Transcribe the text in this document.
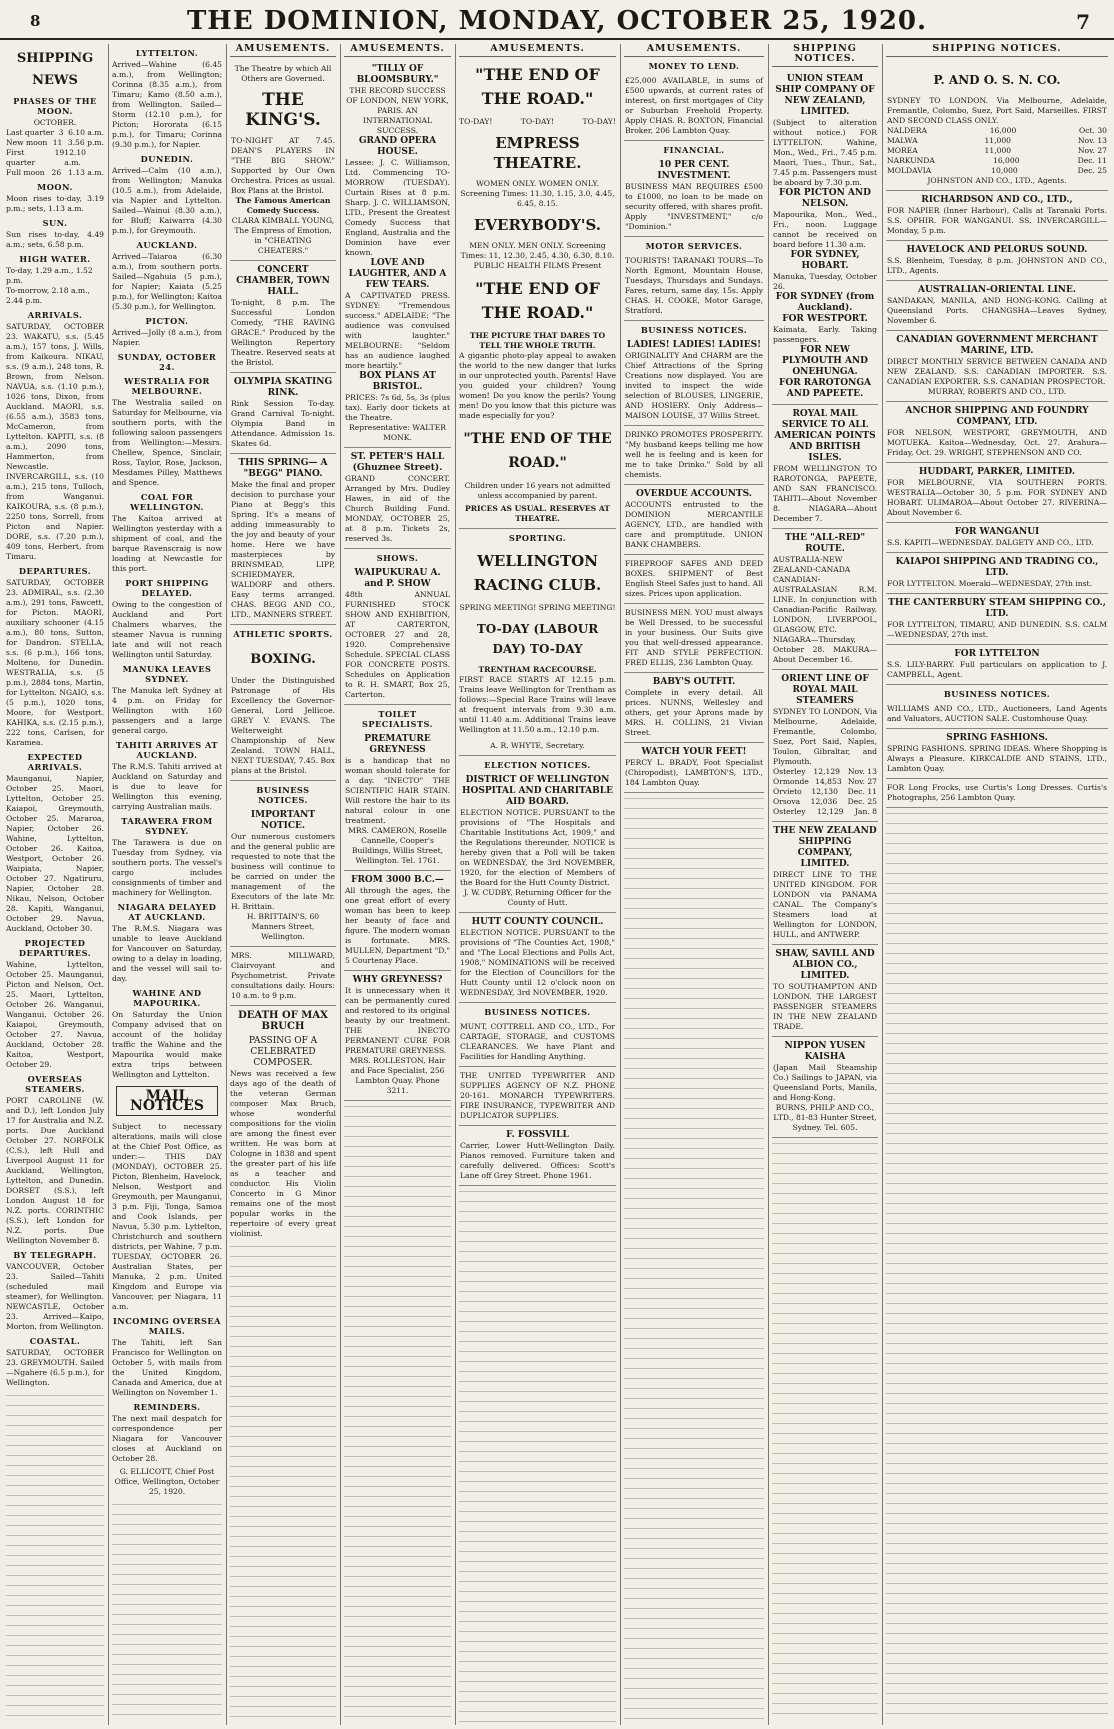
8	THE DOMINION, MONDAY, OCTOBER 25, 1920.	7
SHIPPING NEWS
PHASES OF THE MOON.
OCTOBER.
Last quarter 3 6.10 a.m.
New moon 11 3.56 p.m.
First quarter
19 12.10 a.m.
Full moon 26 1.13 a.m.
MOON.
Moon rises to-day, 3.19 p.m.; sets, 1.13 a.m.
SUN.
Sun rises to-day, 4.49 a.m.; sets, 6.58 p.m.
HIGH WATER.
To-day, 1.29 a.m., 1.52 p.m.
To-morrow, 2.18 a.m., 2.44 p.m.
ARRIVALS.
SATURDAY, OCTOBER 23. WAKATU, s.s. (5.45 a.m.), 157 tons, J. Wills, from Kaikoura. NIKAU, s.s. (9 a.m.), 248 tons, R. Brown, from Nelson. NAVUA, s.s. (1.10 p.m.), 1026 tons, Dixon, from Auckland. MAORI, s.s. (6.55 a.m.), 3583 tons, McCameron, from Lyttelton. KAPITI, s.s. (8 a.m.), 2090 tons, Hammerton, from Newcastle. INVERCARGILL, s.s. (10 a.m.), 215 tons, Tulloch, from Wanganui. KAIKOURA, s.s. (8 p.m.), 2250 tons, Sorrell, from Picton and Napier. DORE, s.s. (7.20 p.m.), 409 tons, Herbert, from Timaru.
DEPARTURES.
SATURDAY, OCTOBER 23. ADMIRAL, s.s. (2.30 a.m.), 291 tons, Fawcett, for Picton. MAORI, auxiliary schooner (4.15 a.m.), 80 tons, Sutton, for Dandron. STELLA, s.s. (6 p.m.), 166 tons, Molteno, for Dunedin. WESTRALIA, s.s. (5 p.m.), 2884 tons, Martin, for Lyttelton. NGAIO, s.s. (5 p.m.), 1020 tons, Moore, for Westport. KAHIKA, s.s. (2.15 p.m.), 222 tons, Carlsen, for Karamea.
EXPECTED ARRIVALS.
Maunganui, Napier, October 25. Maori, Lyttelton, October 25. Kaiapoi, Greymouth, October 25. Mararoa, Napier, October 26. Wahine, Lyttelton, October 26. Kaitoa, Westport, October 26. Waipiata, Napier, October 27. Ngatiruru, Napier, October 28. Nikau, Nelson, October 28. Kapiti, Wanganui, October 29. Navua, Auckland, October 30.
PROJECTED DEPARTURES.
Wahine, Lyttelton, October 25. Maunganui, Picton and Nelson, Oct. 25. Maori, Lyttelton, October 26. Wanganui, Wanganui, October 26. Kaiapoi, Greymouth, October 27. Navua, Auckland, October 28. Kaitoa, Westport, October 29.
OVERSEAS STEAMERS.
PORT CAROLINE (W. and D.), left London July 17 for Australia and N.Z. ports. Due Auckland October 27. NORFOLK (C.S.), left Hull and Liverpool August 11 for Auckland, Wellington, Lyttelton, and Dunedin. DORSET (S.S.), left London August 18 for N.Z. ports. CORINTHIC (S.S.), left London for N.Z. ports. Due Wellington November 8.
BY TELEGRAPH.
VANCOUVER, October 23. Sailed—Tahiti (scheduled mail steamer), for Wellington. NEWCASTLE, October 23. Arrived—Kaipo, Morton, from Wellington.
COASTAL.
SATURDAY, OCTOBER 23. GREYMOUTH. Sailed—Ngahere (6.5 p.m.), for Wellington.
LYTTELTON.
Arrived—Wahine (6.45 a.m.), from Wellington; Corinna (8.35 a.m.), from Timaru; Kamo (8.50 a.m.), from Wellington. Sailed—Storm (12.10 p.m.), for Picton; Hororata (6.15 p.m.), for Timaru; Corinna (9.30 p.m.), for Napier.
DUNEDIN.
Arrived—Calm (10 a.m.), from Wellington; Manuka (10.5 a.m.), from Adelaide, via Napier and Lyttelton. Sailed—Wainui (8.30 a.m.), for Bluff; Kaiwarra (4.30 p.m.), for Greymouth.
AUCKLAND.
Arrived—Taiaroa (6.30 a.m.), from southern ports. Sailed—Ngahuia (5 p.m.), for Napier; Kaiata (5.25 p.m.), for Wellington; Kaitoa (5.30 p.m.), for Wellington.
PICTON.
Arrived—Jolly (8 a.m.), from Napier.
SUNDAY, OCTOBER 24.
WESTRALIA FOR MELBOURNE.
The Westralia sailed on Saturday for Melbourne, via southern ports, with the following saloon passengers from Wellington:—Messrs. Chellew, Spence, Sinclair, Ross, Taylor, Rose, Jackson, Mesdames Pilley, Matthews and Spence.
COAL FOR WELLINGTON.
The Kaitoa arrived at Wellington yesterday with a shipment of coal, and the barque Ravenscraig is now loading at Newcastle for this port.
PORT SHIPPING DELAYED.
Owing to the congestion of Auckland and Port Chalmers wharves, the steamer Navua is running late and will not reach Wellington until Saturday.
MANUKA LEAVES SYDNEY.
The Manuka left Sydney at 4 p.m. on Friday for Wellington with 160 passengers and a large general cargo.
TAHITI ARRIVES AT AUCKLAND.
The R.M.S. Tahiti arrived at Auckland on Saturday and is due to leave for Wellington this evening, carrying Australian mails.
TARAWERA FROM SYDNEY.
The Tarawera is due on Tuesday from Sydney, via southern ports. The vessel's cargo includes consignments of timber and machinery for Wellington.
NIAGARA DELAYED AT AUCKLAND.
The R.M.S. Niagara was unable to leave Auckland for Vancouver on Saturday, owing to a delay in loading, and the vessel will sail to-day.
WAHINE AND MAPOURIKA.
On Saturday the Union Company advised that on account of the holiday traffic the Wahine and the Mapourika would make extra trips between Wellington and Lyttelton.
MAIL NOTICES
Subject to necessary alterations, mails will close at the Chief Post Office, as under:— THIS DAY (MONDAY), OCTOBER 25. Picton, Blenheim, Havelock, Nelson, Westport and Greymouth, per Maunganui, 3 p.m. Fiji, Tonga, Samoa and Cook Islands, per Navua, 5.30 p.m. Lyttelton, Christchurch and southern districts, per Wahine, 7 p.m. TUESDAY, OCTOBER 26. Australian States, per Manuka, 2 p.m. United Kingdom and Europe via Vancouver, per Niagara, 11 a.m.
INCOMING OVERSEA MAILS.
The Tahiti, left San Francisco for Wellington on October 5, with mails from the United Kingdom, Canada and America, due at Wellington on November 1.
REMINDERS.
The next mail despatch for correspondence per Niagara for Vancouver closes at Auckland on October 28.
G. ELLICOTT, Chief Post Office, Wellington, October 25, 1920.
AMUSEMENTS.
The Theatre by which All Others are Governed.
THE KING'S.
TO-NIGHT AT 7.45. DEAN'S PLAYERS IN "THE BIG SHOW." Supported by Our Own Orchestra. Prices as usual. Box Plans at the Bristol.
The Famous American Comedy Success.
CLARA KIMBALL YOUNG, The Empress of Emotion, in "CHEATING CHEATERS."
CONCERT CHAMBER, TOWN HALL.
To-night, 8 p.m. The Successful London Comedy, "THE RAVING GRACE." Produced by the Wellington Repertory Theatre. Reserved seats at the Bristol.
OLYMPIA SKATING RINK.
Rink Session To-day. Grand Carnival To-night. Olympia Band in Attendance. Admission 1s. Skates 6d.
THIS SPRING— A "BEGG" PIANO.
Make the final and proper decision to purchase your Piano at Begg's this Spring. It's a means of adding immeasurably to the joy and beauty of your home. Here we have masterpieces by BRINSMEAD, LIPP, SCHIEDMAYER, WALDORF and others. Easy terms arranged. CHAS. BEGG AND CO., LTD., MANNERS STREET.
ATHLETIC SPORTS.
BOXING.
Under the Distinguished Patronage of His Excellency the Governor-General, Lord Jellicoe. GREY V. EVANS. The Welterweight Championship of New Zealand. TOWN HALL, NEXT TUESDAY, 7.45. Box plans at the Bristol.
BUSINESS NOTICES.
IMPORTANT NOTICE.
Our numerous customers and the general public are requested to note that the business will continue to be carried on under the management of the Executors of the late Mr. H. Brittain.
H. BRITTAIN'S, 60 Manners Street, Wellington.
MRS. MILLWARD, Clairvoyant and Psychometrist. Private consultations daily. Hours: 10 a.m. to 9 p.m.
DEATH OF MAX BRUCH
PASSING OF A CELEBRATED COMPOSER.
News was received a few days ago of the death of the veteran German composer Max Bruch, whose wonderful compositions for the violin are among the finest ever written. He was born at Cologne in 1838 and spent the greater part of his life as a teacher and conductor. His Violin Concerto in G Minor remains one of the most popular works in the repertoire of every great violinist.
AMUSEMENTS.
"TILLY OF BLOOMSBURY."
THE RECORD SUCCESS OF LONDON, NEW YORK, PARIS. AN INTERNATIONAL SUCCESS.
GRAND OPERA HOUSE.
Lessee: J. C. Williamson, Ltd. Commencing TO-MORROW (TUESDAY). Curtain Rises at 8 p.m. Sharp. J. C. WILLIAMSON, LTD., Present the Greatest Comedy Success that England, Australia and the Dominion have ever known.
LOVE AND LAUGHTER, AND A FEW TEARS.
A CAPTIVATED PRESS. SYDNEY: "Tremendous success." ADELAIDE: "The audience was convulsed with laughter." MELBOURNE: "Seldom has an audience laughed more heartily."
BOX PLANS AT BRISTOL.
PRICES: 7s 6d, 5s, 3s (plus tax). Early door tickets at the Theatre.
Representative: WALTER MONK.
ST. PETER'S HALL (Ghuznee Street).
GRAND CONCERT. Arranged by Mrs. Dudley Hawes, in aid of the Church Building Fund. MONDAY, OCTOBER 25, at 8 p.m. Tickets 2s, reserved 3s.
SHOWS.
WAIPUKURAU A. and P. SHOW
48th ANNUAL FURNISHED STOCK SHOW AND EXHIBITION, AT CARTERTON, OCTOBER 27 and 28, 1920. Comprehensive Schedule. SPECIAL CLASS FOR CONCRETE POSTS. Schedules on Application to R. H. SMART, Box 25, Carterton.
TOILET SPECIALISTS.
PREMATURE GREYNESS
is a handicap that no woman should tolerate for a day. "INECTO" THE SCIENTIFIC HAIR STAIN. Will restore the hair to its natural colour in one treatment.
MRS. CAMERON, Roselle Cannelle, Cooper's Buildings, Willis Street, Wellington. Tel. 1761.
FROM 3000 B.C.—
All through the ages, the one great effort of every woman has been to keep her beauty of face and figure. The modern woman is fortunate. MRS. MULLEN, Department "D," 5 Courtenay Place.
WHY GREYNESS?
It is unnecessary when it can be permanently cured and restored to its original beauty by our treatment. THE INECTO PERMANENT CURE FOR PREMATURE GREYNESS.
MRS. ROLLESTON, Hair and Face Specialist, 256 Lambton Quay. Phone 3211.
AMUSEMENTS.
"THE END OF THE ROAD."
TO-DAY!	TO-DAY!	TO-DAY!
EMPRESS THEATRE.
WOMEN ONLY. WOMEN ONLY. Screening Times: 11.30, 1.15, 3.0, 4.45, 6.45, 8.15.
EVERYBODY'S.
MEN ONLY. MEN ONLY. Screening Times: 11, 12.30, 2.45, 4.30, 6.30, 8.10.
PUBLIC HEALTH FILMS Present
"THE END OF THE ROAD."
THE PICTURE THAT DARES TO TELL THE WHOLE TRUTH.
A gigantic photo-play appeal to awaken the world to the new danger that lurks in our unprotected youth. Parents! Have you guided your children? Young women! Do you know the perils? Young men! Do you know that this picture was made especially for you?
"THE END OF THE ROAD."
Children under 16 years not admitted unless accompanied by parent.
PRICES AS USUAL. RESERVES AT THEATRE.
SPORTING.
WELLINGTON RACING CLUB.
SPRING MEETING! SPRING MEETING!
TO-DAY (LABOUR DAY) TO-DAY
TRENTHAM RACECOURSE.
FIRST RACE STARTS AT 12.15 p.m. Trains leave Wellington for Trentham as follows:—Special Race Trains will leave at frequent intervals from 9.30 a.m. until 11.40 a.m. Additional Trains leave Wellington at 11.50 a.m., 12.10 p.m.
A. R. WHYTE, Secretary.
ELECTION NOTICES.
DISTRICT OF WELLINGTON HOSPITAL AND CHARITABLE AID BOARD.
ELECTION NOTICE. PURSUANT to the provisions of "The Hospitals and Charitable Institutions Act, 1909," and the Regulations thereunder, NOTICE is hereby given that a Poll will be taken on WEDNESDAY, the 3rd NOVEMBER, 1920, for the election of Members of the Board for the Hutt County District.
J. W. CUDBY, Returning Officer for the County of Hutt.
HUTT COUNTY COUNCIL.
ELECTION NOTICE. PURSUANT to the provisions of "The Counties Act, 1908," and "The Local Elections and Polls Act, 1908," NOMINATIONS will be received for the Election of Councillors for the Hutt County until 12 o'clock noon on WEDNESDAY, 3rd NOVEMBER, 1920.
BUSINESS NOTICES.
MUNT, COTTRELL AND CO., LTD., For CARTAGE, STORAGE, and CUSTOMS CLEARANCES. We have Plant and Facilities for Handling Anything.
THE UNITED TYPEWRITER AND SUPPLIES AGENCY OF N.Z. PHONE 20-161. MONARCH TYPEWRITERS. FIRE INSURANCE, TYPEWRITER AND DUPLICATOR SUPPLIES.
F. FOSSVILL
Carrier, Lower Hutt-Wellington Daily. Pianos removed. Furniture taken and carefully delivered. Offices: Scott's Lane off Grey Street. Phone 1961.
AMUSEMENTS.
MONEY TO LEND.
£25,000 AVAILABLE, in sums of £500 upwards, at current rates of interest, on first mortgages of City or Suburban Freehold Property. Apply CHAS. R. BOXTON, Financial Broker, 206 Lambton Quay.
FINANCIAL.
10 PER CENT. INVESTMENT.
BUSINESS MAN REQUIRES £500 to £1000, no loan to be made on security offered, with shares profit. Apply "INVESTMENT," c/o "Dominion."
MOTOR SERVICES.
TOURISTS! TARANAKI TOURS—To North Egmont, Mountain House, Tuesdays, Thursdays and Sundays. Fares, return, same day, 15s. Apply CHAS. H. COOKE, Motor Garage, Stratford.
BUSINESS NOTICES.
LADIES! LADIES! LADIES!
ORIGINALITY And CHARM are the Chief Attractions of the Spring Creations now displayed. You are invited to inspect the wide selection of BLOUSES, LINGERIE, AND HOSIERY. Only Address— MAISON LOUISE, 37 Willis Street.
DRINKO PROMOTES PROSPERITY. "My husband keeps telling me how well he is feeling and is keen for me to take Drinko." Sold by all chemists.
OVERDUE ACCOUNTS.
ACCOUNTS entrusted to the DOMINION MERCANTILE AGENCY, LTD., are handled with care and promptitude. UNION BANK CHAMBERS.
FIREPROOF SAFES AND DEED BOXES. SHIPMENT of Best English Steel Safes just to hand. All sizes. Prices upon application.
BUSINESS MEN. YOU must always be Well Dressed, to be successful in your business. Our Suits give you that well-dressed appearance. FIT AND STYLE PERFECTION. FRED ELLIS, 236 Lambton Quay.
BABY'S OUTFIT.
Complete in every detail. All prices. NUNNS, Wellesley and others, get your Aprons made by MRS. H. COLLINS, 21 Vivian Street.
WATCH YOUR FEET!
PERCY L. BRADY, Foot Specialist (Chiropodist), LAMBTON'S, LTD., 184 Lambton Quay.
SHIPPING NOTICES.
UNION STEAM SHIP COMPANY OF NEW ZEALAND, LIMITED.
(Subject to alteration without notice.) FOR LYTTELTON. Wahine, Mon., Wed., Fri., 7.45 p.m. Maori, Tues., Thur., Sat., 7.45 p.m. Passengers must be aboard by 7.30 p.m.
FOR PICTON AND NELSON.
Mapourika, Mon., Wed., Fri., noon. Luggage cannot be received on board before 11.30 a.m.
FOR SYDNEY, HOBART.
Manuka, Tuesday, October 26.
FOR SYDNEY (from Auckland).
FOR WESTPORT.
Kaimata, Early. Taking passengers.
FOR NEW PLYMOUTH AND ONEHUNGA.
FOR RAROTONGA AND PAPEETE.
ROYAL MAIL SERVICE TO ALL AMERICAN POINTS AND BRITISH ISLES.
FROM WELLINGTON TO RAROTONGA, PAPEETE, AND SAN FRANCISCO. TAHITI—About November 8. NIAGARA—About December 7.
THE "ALL-RED" ROUTE.
AUSTRALIA-NEW ZEALAND-CANADA CANADIAN-AUSTRALASIAN R.M. LINE. In conjunction with Canadian-Pacific Railway. LONDON, LIVERPOOL, GLASGOW, ETC.
NIAGARA—Thursday, October 28. MAKURA—About December 16.
ORIENT LINE OF ROYAL MAIL STEAMERS
SYDNEY TO LONDON, Via Melbourne, Adelaide, Fremantle, Colombo, Suez, Port Said, Naples, Toulon, Gibraltar, and Plymouth.
Osterley 12,129 Nov. 13
Ormonde 14,853 Nov. 27
Orvieto 12,130 Dec. 11
Orsova 12,036 Dec. 25
Osterley 12,129 Jan. 8
THE NEW ZEALAND SHIPPING COMPANY, LIMITED.
DIRECT LINE TO THE UNITED KINGDOM. FOR LONDON via PANAMA CANAL. The Company's Steamers load at Wellington for LONDON, HULL, and ANTWERP.
SHAW, SAVILL AND ALBION CO., LIMITED.
TO SOUTHAMPTON AND LONDON. THE LARGEST PASSENGER STEAMERS IN THE NEW ZEALAND TRADE.
NIPPON YUSEN KAISHA
(Japan Mail Steamship Co.) Sailings to JAPAN, via Queensland Ports, Manila, and Hong-Kong.
BURNS, PHILP AND CO., LTD., 81-83 Hunter Street, Sydney. Tel. 605.
SHIPPING NOTICES.
P. AND O. S. N. CO.
SYDNEY TO LONDON. Via Melbourne, Adelaide, Fremantle, Colombo, Suez, Port Said, Marseilles. FIRST AND SECOND CLASS ONLY.
NALDERA	16,000	Oct. 30
MALWA	11,000	Nov. 13
MOREA	11,000	Nov. 27
NARKUNDA	16,000	Dec. 11
MOLDAVIA	10,000	Dec. 25
JOHNSTON AND CO., LTD., Agents.
RICHARDSON AND CO., LTD.,
FOR NAPIER (Inner Harbour), Calls at Taranaki Ports. S.S. OPHIR. FOR WANGANUI. SS. INVERCARGILL—Monday, 5 p.m.
HAVELOCK AND PELORUS SOUND.
S.S. Blenheim, Tuesday, 8 p.m. JOHNSTON AND CO., LTD., Agents.
AUSTRALIAN-ORIENTAL LINE.
SANDAKAN, MANILA, AND HONG-KONG. Calling at Queensland Ports. CHANGSHA—Leaves Sydney, November 6.
CANADIAN GOVERNMENT MERCHANT MARINE, LTD.
DIRECT MONTHLY SERVICE BETWEEN CANADA AND NEW ZEALAND. S.S. CANADIAN IMPORTER. S.S. CANADIAN EXPORTER. S.S. CANADIAN PROSPECTOR.
MURRAY, ROBERTS AND CO., LTD.
ANCHOR SHIPPING AND FOUNDRY COMPANY, LTD.
FOR NELSON, WESTPORT, GREYMOUTH, AND MOTUEKA. Kaitoa—Wednesday, Oct. 27. Arahura—Friday, Oct. 29. WRIGHT, STEPHENSON AND CO.
HUDDART, PARKER, LIMITED.
FOR MELBOURNE, VIA SOUTHERN PORTS. WESTRALIA—October 30, 5 p.m. FOR SYDNEY AND HOBART. ULIMAROA—About October 27. RIVERINA—About November 6.
FOR WANGANUI
S.S. KAPITI—WEDNESDAY. DALGETY AND CO., LTD.
KAIAPOI SHIPPING AND TRADING CO., LTD.
FOR LYTTELTON. Moeraki—WEDNESDAY, 27th inst.
THE CANTERBURY STEAM SHIPPING CO., LTD.
FOR LYTTELTON, TIMARU, AND DUNEDIN. S.S. CALM—WEDNESDAY, 27th inst.
FOR LYTTELTON
S.S. LILY-BARRY. Full particulars on application to J. CAMPBELL, Agent.
BUSINESS NOTICES.
WILLIAMS AND CO., LTD., Auctioneers, Land Agents and Valuators, AUCTION SALE. Customhouse Quay.
SPRING FASHIONS.
SPRING FASHIONS. SPRING IDEAS. Where Shopping is Always a Pleasure. KIRKCALDIE AND STAINS, LTD., Lambton Quay.
FOR Long Frocks, use Curtis's Long Dresses. Curtis's Photographs, 256 Lambton Quay.
